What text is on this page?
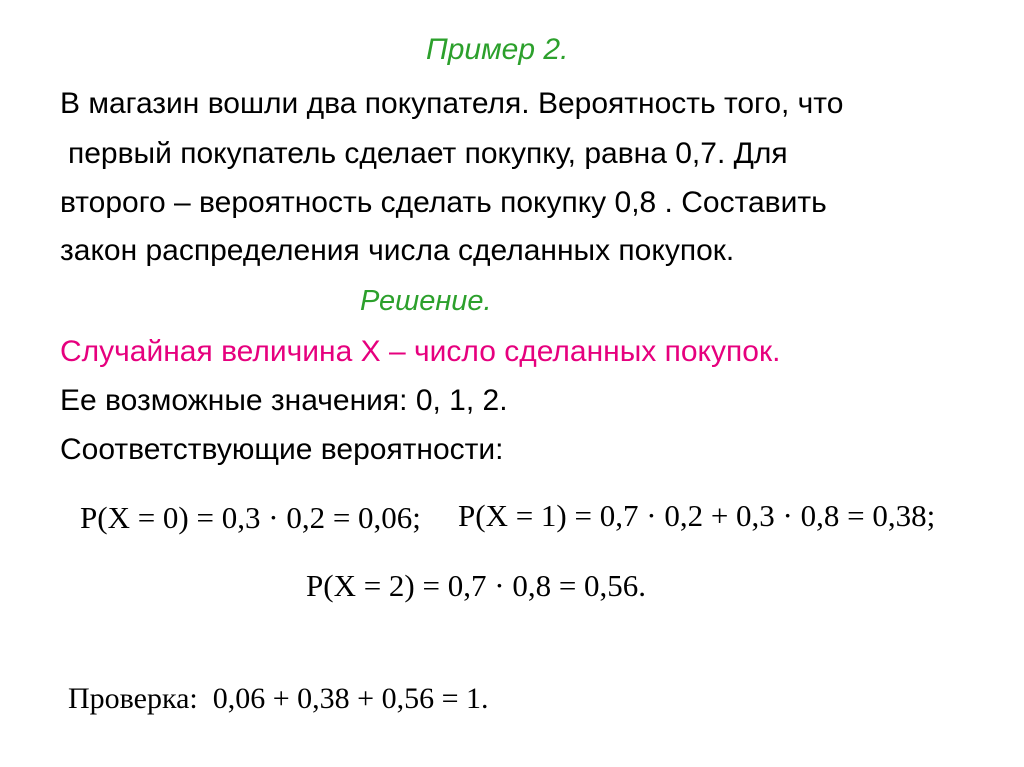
Пример 2.
В магазин вошли два покупателя. Вероятность того, что
первый покупатель сделает покупку, равна 0,7. Для
второго – вероятность сделать покупку 0,8 . Составить
закон распределения числа сделанных покупок.
Решение.
Случайная величина X – число сделанных покупок.
Ее возможные значения: 0, 1, 2.
Соответствующие вероятности:
P(X = 0) = 0,3 · 0,2 = 0,06; P(X = 1) = 0,7 · 0,2 + 0,3 · 0,8 = 0,38;
P(X = 2) = 0,7 · 0,8 = 0,56.
Проверка:  0,06 + 0,38 + 0,56 = 1.
